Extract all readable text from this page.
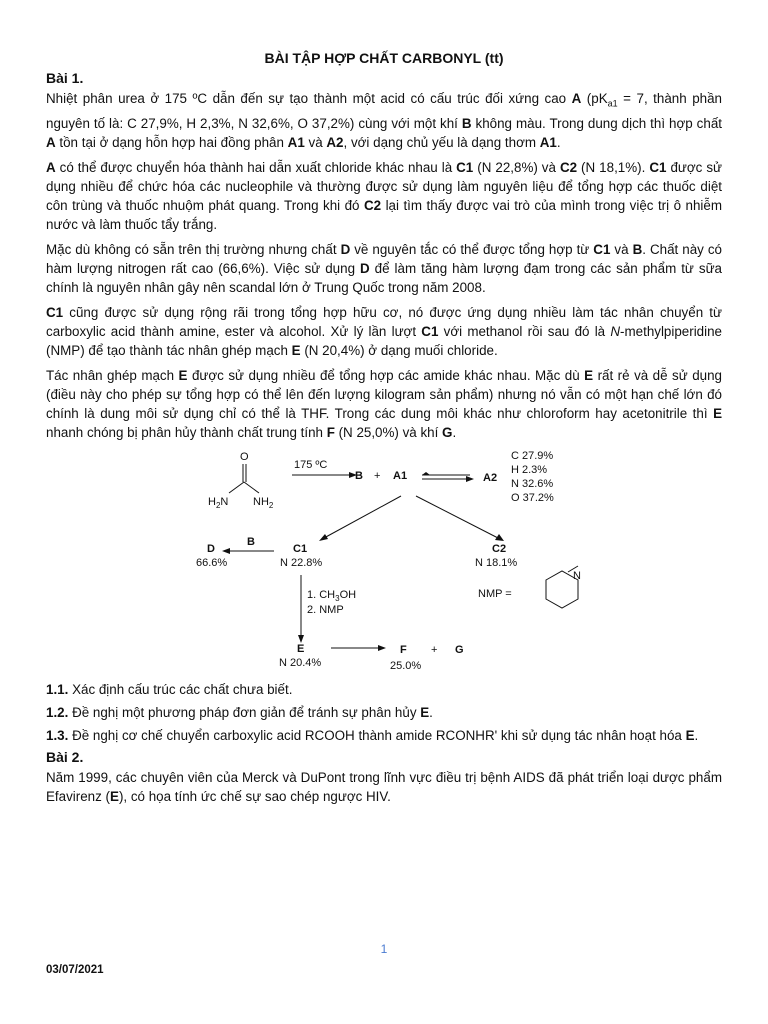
BÀI TẬP HỢP CHẤT CARBONYL (tt)
Bài 1.

Nhiệt phân urea ở 175 ºC dẫn đến sự tạo thành một acid có cấu trúc đối xứng cao A ($pK_{a1} = 7$, thành phần nguyên tố là: C 27,9%, H 2,3%, N 32,6%, O 37,2%) cùng với một khí B không màu. Trong dung dịch thì hợp chất A tồn tại ở dạng hỗn hợp hai đồng phân A1 và A2, với dạng chủ yếu là dạng thơm A1.

A có thể được chuyển hóa thành hai dẫn xuất chloride khác nhau là C1 (N 22,8%) và C2 (N 18,1%). C1 được sử dụng nhiều để chức hóa các nucleophile và thường được sử dụng làm nguyên liệu để tổng hợp các thuốc diệt côn trùng và thuốc nhuộm phát quang. Trong khi đó C2 lại tìm thấy được vai trò của mình trong việc trị ô nhiễm nước và làm thuốc tẩy trắng.

Mặc dù không có sẵn trên thị trường nhưng chất D về nguyên tắc có thể được tổng hợp từ C1 và B. Chất này có hàm lượng nitrogen rất cao (66,6%). Việc sử dụng D để làm tăng hàm lượng đạm trong các sản phẩm từ sữa chính là nguyên nhân gây nên scandal lớn ở Trung Quốc trong năm 2008.

C1 cũng được sử dụng rộng rãi trong tổng hợp hữu cơ, nó được ứng dụng nhiều làm tác nhân chuyển từ carboxylic acid thành amine, ester và alcohol. Xử lý lần lượt C1 với methanol rồi sau đó là N-methylpiperidine (NMP) để tạo thành tác nhân ghép mạch E (N 20,4%) ở dạng muối chloride.

Tác nhân ghép mạch E được sử dụng nhiều để tổng hợp các amide khác nhau. Mặc dù E rất rẻ và dễ sử dụng (điều này cho phép sự tổng hợp có thể lên đến lượng kilogram sản phẩm) nhưng nó vẫn có một hạn chế lớn đó chính là dung môi sử dụng chỉ có thể là THF. Trong các dung môi khác như chloroform hay acetonitrile thì E nhanh chóng bị phân hủy thành chất trung tính F (N 25,0%) và khí G.

O
$H_2N$ $NH_2$
175 ºC
B + A1	A2
C 27.9%
H 2.3%
N 32.6%
O 37.2%
D
66.6%
B
C1
N 22.8%
C2
N 18.1%
1. $CH_3OH$
2. NMP
NMP =
N
E
N 20.4%
F + G
25.0%
1.1. Xác định cấu trúc các chất chưa biết.
1.2. Đề nghị một phương pháp đơn giản để tránh sự phân hủy E.
1.3. Đề nghị cơ chế chuyển carboxylic acid RCOOH thành amide RCONHR' khi sử dụng tác nhân hoạt hóa E.
Bài 2.

Năm 1999, các chuyên viên của Merck và DuPont trong lĩnh vực điều trị bệnh AIDS đã phát triển loại dược phẩm Efavirenz (E), có họa tính ức chế sự sao chép ngược HIV.

1
03/07/2021
